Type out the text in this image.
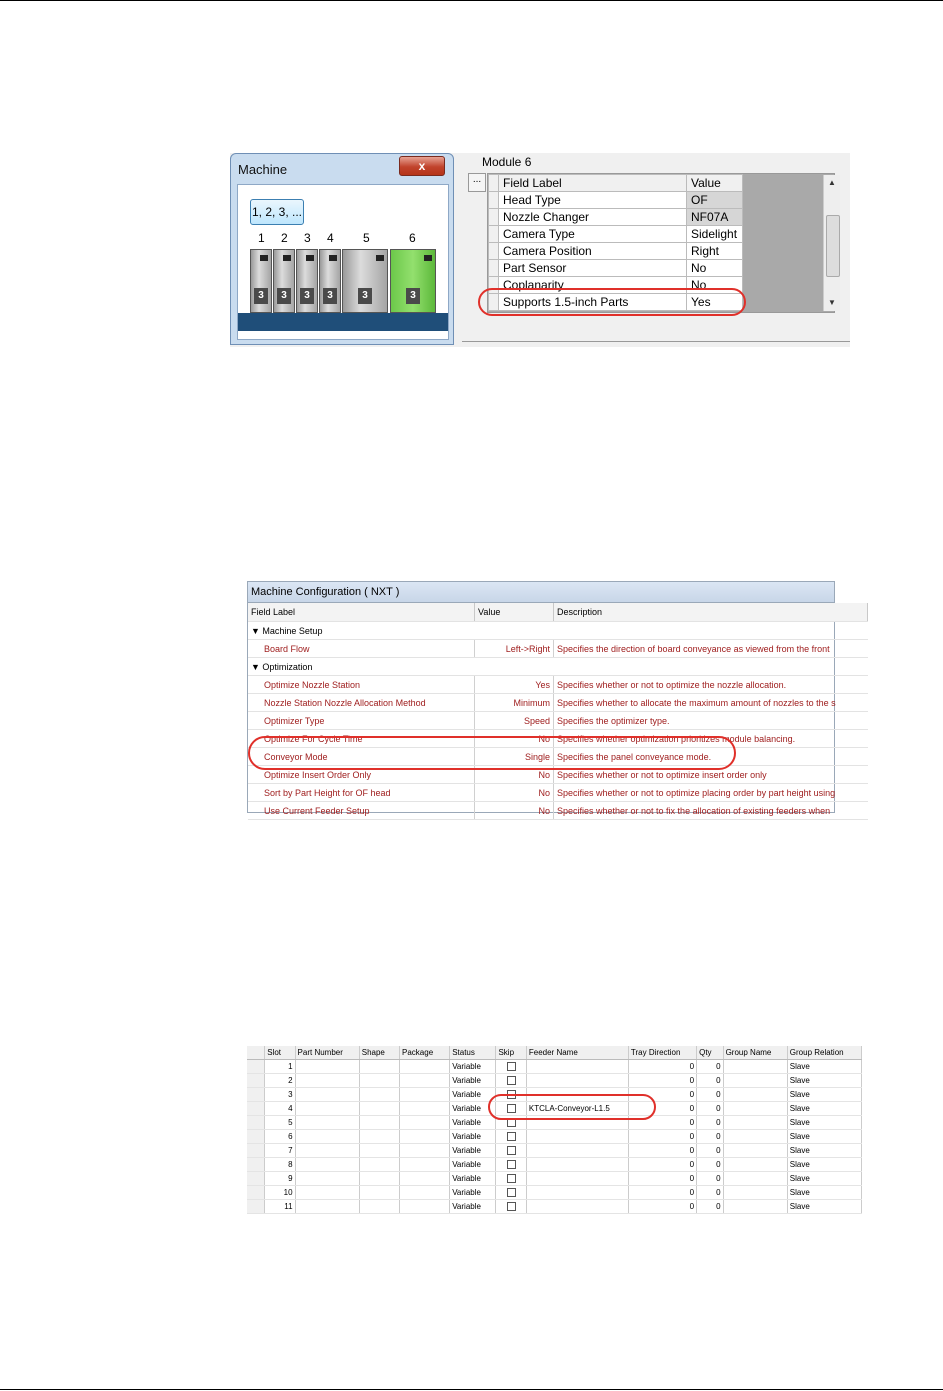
Machine	x
1, 2, 3, ...
1 2 3 4 5	6
3	3	3	3	3	3
Module 6
...
		Field Label	Value
	Head Type	OF
	Nozzle Changer	NF07A
	Camera Type	Sidelight
	Camera Position	Right
	Part Sensor	No
	Coplanarity	No
	Supports 1.5-inch Parts	Yes
▲
▼
Machine Configuration ( NXT )
Field Label	Value	Description
▼ Machine Setup		
Board Flow	Left->Right	Specifies the direction of board conveyance as viewed from the front
▼ Optimization		
Optimize Nozzle Station	Yes	Specifies whether or not to optimize the nozzle allocation.
Nozzle Station Nozzle Allocation Method	Minimum	Specifies whether to allocate the maximum amount of nozzles to the s
Optimizer Type	Speed	Specifies the optimizer type.
Optimize For Cycle Time	No	Specifies whether optimization prioritizes module balancing.
Conveyor Mode	Single	Specifies the panel conveyance mode.
Optimize Insert Order Only	No	Specifies whether or not to optimize insert order only
Sort by Part Height for OF head	No	Specifies whether or not to optimize placing order by part height using
Use Current Feeder Setup	No	Specifies whether or not to fix the allocation of existing feeders when
	Slot	Part Number	Shape	Package	Status	Skip	Feeder Name	Tray Direction	Qty	Group Name	Group Relation
	1				Variable			0	0		Slave
	2				Variable			0	0		Slave
	3				Variable			0	0		Slave
	4				Variable		KTCLA-Conveyor-L1.5	0	0		Slave
	5				Variable			0	0		Slave
	6				Variable			0	0		Slave
	7				Variable			0	0		Slave
	8				Variable			0	0		Slave
	9				Variable			0	0		Slave
	10				Variable			0	0		Slave
	11				Variable			0	0		Slave
